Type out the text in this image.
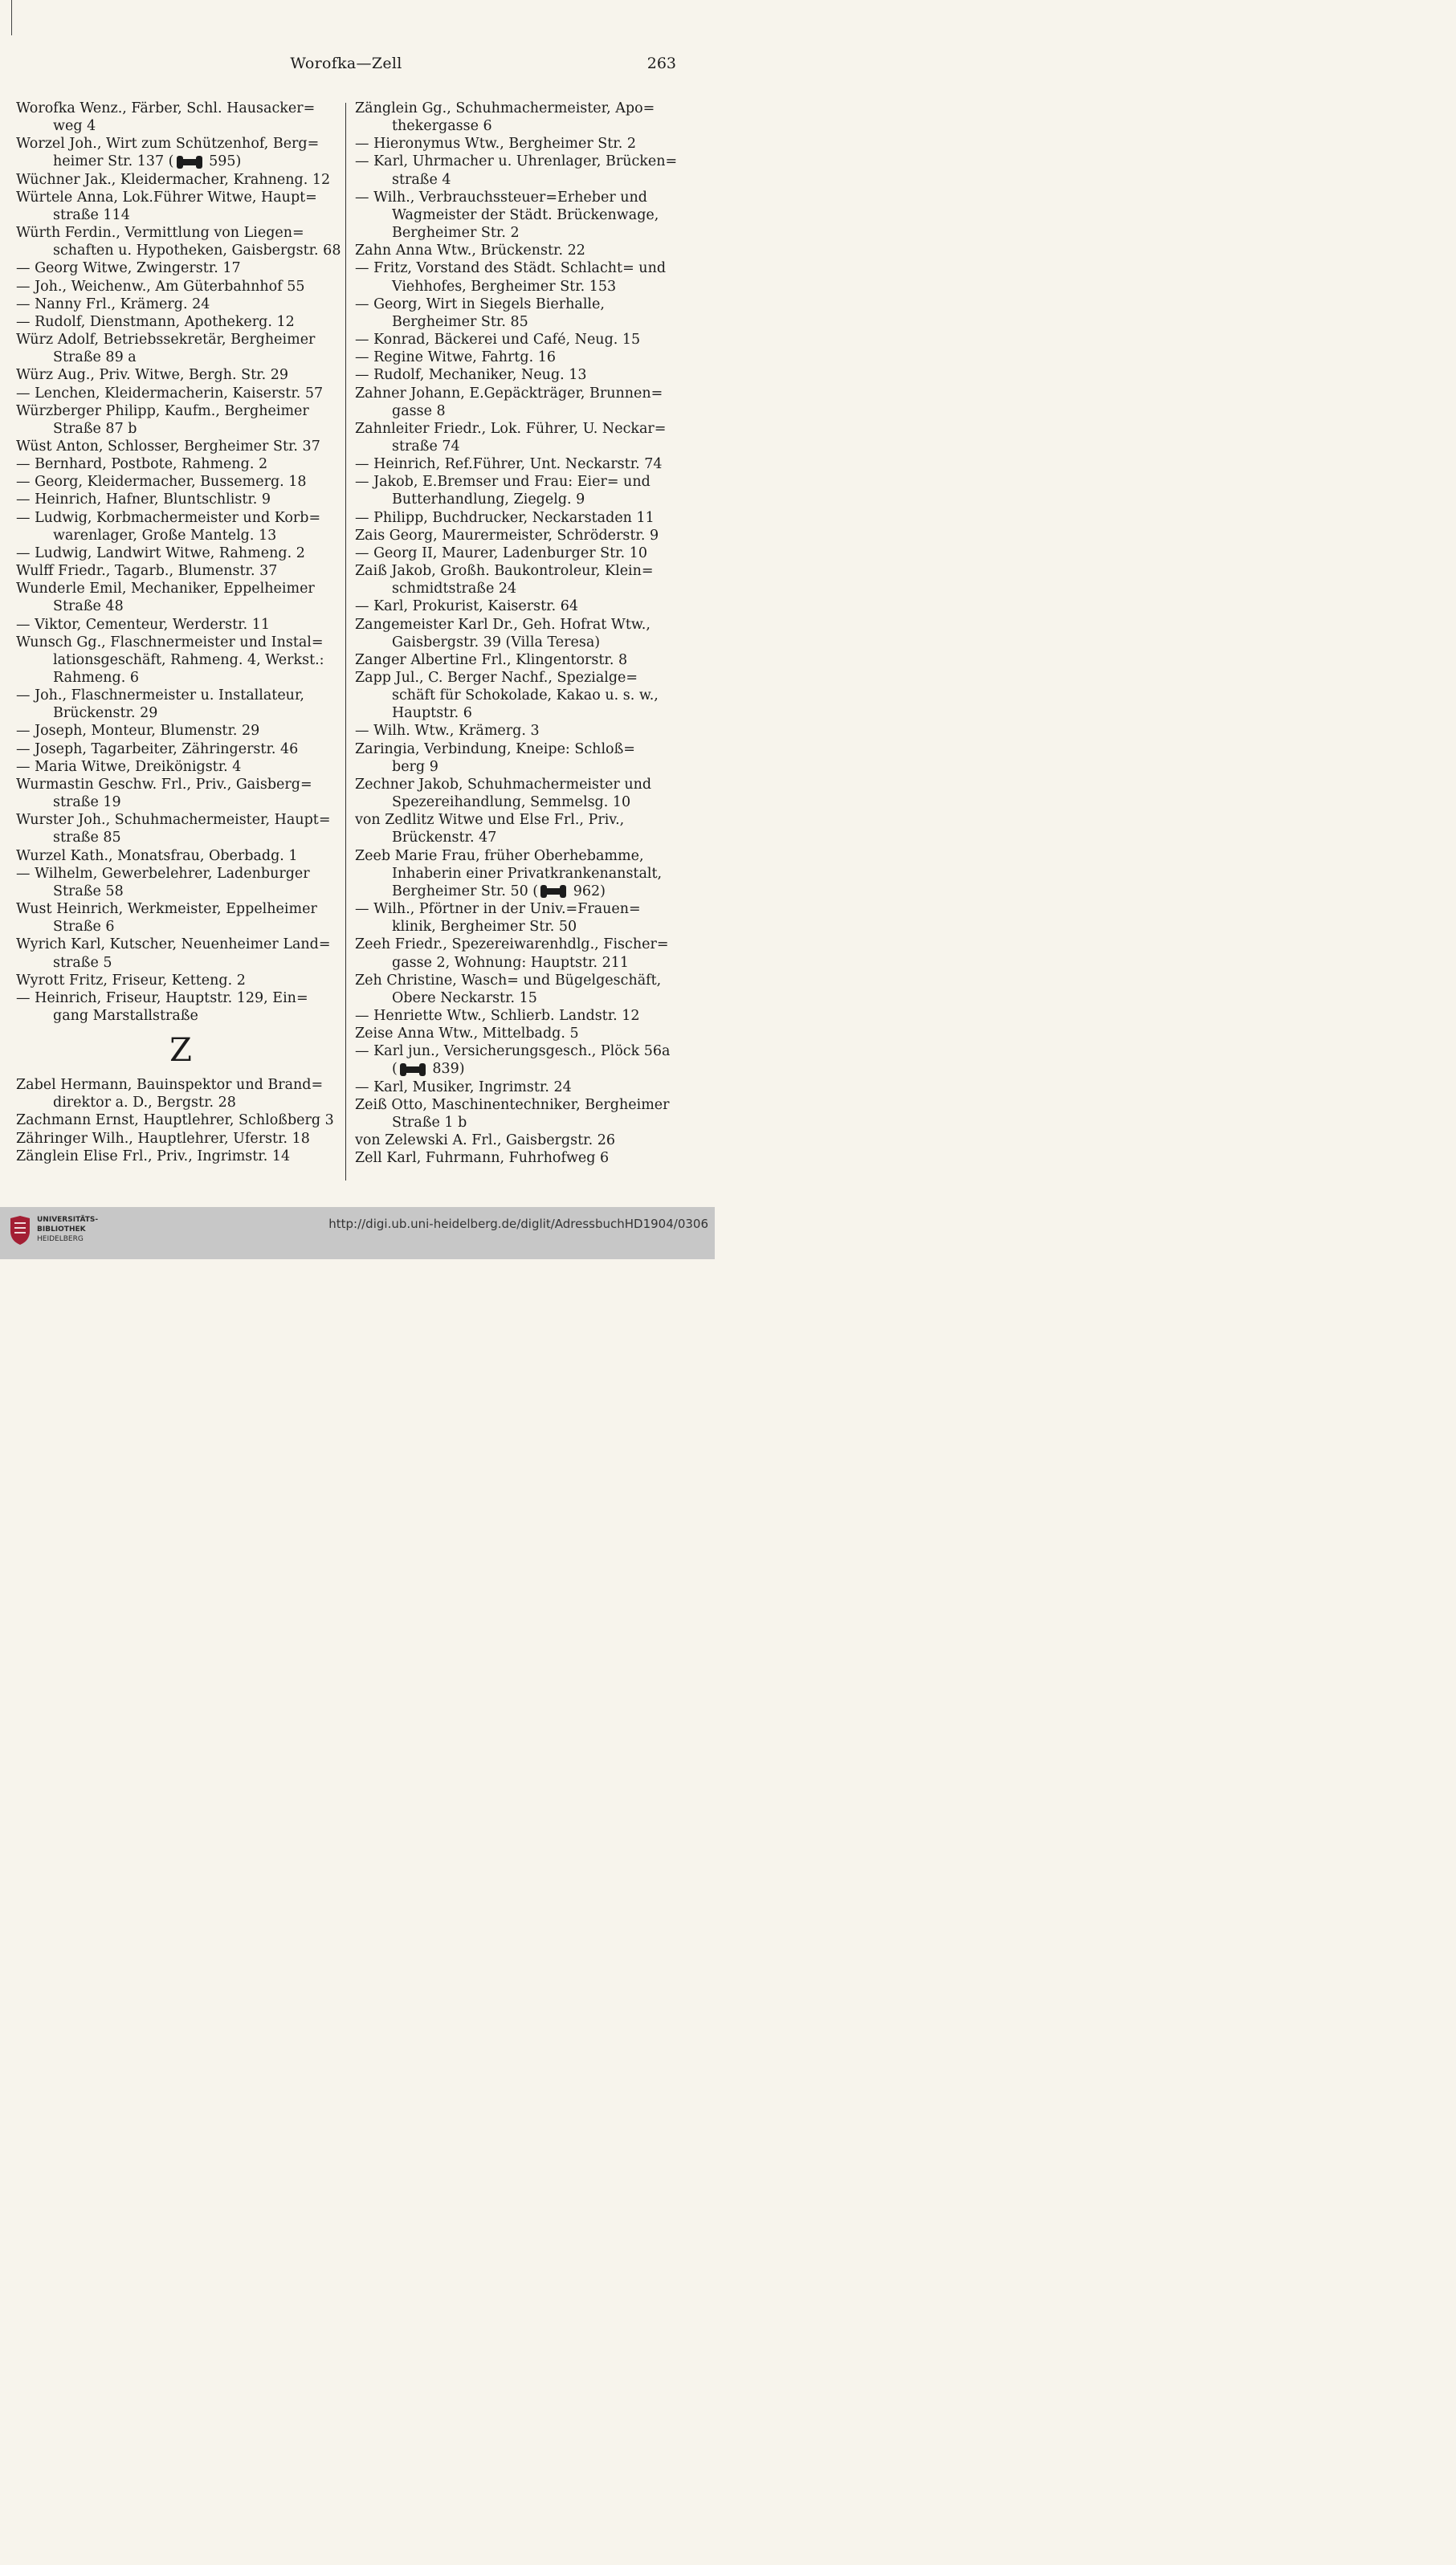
Worofka—Zell	263
Worofka Wenz., Färber, Schl. Hausacker=
weg 4
Worzel Joh., Wirt zum Schützenhof, Berg=
heimer Str. 137 ( 595)
Wüchner Jak., Kleidermacher, Krahneng. 12
Würtele Anna, Lok.Führer Witwe, Haupt=
straße 114
Würth Ferdin., Vermittlung von Liegen=
schaften u. Hypotheken, Gaisbergstr. 68
— Georg Witwe, Zwingerstr. 17
— Joh., Weichenw., Am Güterbahnhof 55
— Nanny Frl., Krämerg. 24
— Rudolf, Dienstmann, Apothekerg. 12
Würz Adolf, Betriebssekretär, Bergheimer
Straße 89 a
Würz Aug., Priv. Witwe, Bergh. Str. 29
— Lenchen, Kleidermacherin, Kaiserstr. 57
Würzberger Philipp, Kaufm., Bergheimer
Straße 87 b
Wüst Anton, Schlosser, Bergheimer Str. 37
— Bernhard, Postbote, Rahmeng. 2
— Georg, Kleidermacher, Bussemerg. 18
— Heinrich, Hafner, Bluntschlistr. 9
— Ludwig, Korbmachermeister und Korb=
warenlager, Große Mantelg. 13
— Ludwig, Landwirt Witwe, Rahmeng. 2
Wulff Friedr., Tagarb., Blumenstr. 37
Wunderle Emil, Mechaniker, Eppelheimer
Straße 48
— Viktor, Cementeur, Werderstr. 11
Wunsch Gg., Flaschnermeister und Instal=
lationsgeschäft, Rahmeng. 4, Werkst.:
Rahmeng. 6
— Joh., Flaschnermeister u. Installateur,
Brückenstr. 29
— Joseph, Monteur, Blumenstr. 29
— Joseph, Tagarbeiter, Zähringerstr. 46
— Maria Witwe, Dreikönigstr. 4
Wurmastin Geschw. Frl., Priv., Gaisberg=
straße 19
Wurster Joh., Schuhmachermeister, Haupt=
straße 85
Wurzel Kath., Monatsfrau, Oberbadg. 1
— Wilhelm, Gewerbelehrer, Ladenburger
Straße 58
Wust Heinrich, Werkmeister, Eppelheimer
Straße 6
Wyrich Karl, Kutscher, Neuenheimer Land=
straße 5
Wyrott Fritz, Friseur, Ketteng. 2
— Heinrich, Friseur, Hauptstr. 129, Ein=
gang Marstallstraße
Z
Zabel Hermann, Bauinspektor und Brand=
direktor a. D., Bergstr. 28
Zachmann Ernst, Hauptlehrer, Schloßberg 3
Zähringer Wilh., Hauptlehrer, Uferstr. 18
Zänglein Elise Frl., Priv., Ingrimstr. 14
Zänglein Gg., Schuhmachermeister, Apo=
thekergasse 6
— Hieronymus Wtw., Bergheimer Str. 2
— Karl, Uhrmacher u. Uhrenlager, Brücken=
straße 4
— Wilh., Verbrauchssteuer=Erheber und
Wagmeister der Städt. Brückenwage,
Bergheimer Str. 2
Zahn Anna Wtw., Brückenstr. 22
— Fritz, Vorstand des Städt. Schlacht= und
Viehhofes, Bergheimer Str. 153
— Georg, Wirt in Siegels Bierhalle,
Bergheimer Str. 85
— Konrad, Bäckerei und Café, Neug. 15
— Regine Witwe, Fahrtg. 16
— Rudolf, Mechaniker, Neug. 13
Zahner Johann, E.Gepäckträger, Brunnen=
gasse 8
Zahnleiter Friedr., Lok. Führer, U. Neckar=
straße 74
— Heinrich, Ref.Führer, Unt. Neckarstr. 74
— Jakob, E.Bremser und Frau: Eier= und
Butterhandlung, Ziegelg. 9
— Philipp, Buchdrucker, Neckarstaden 11
Zais Georg, Maurermeister, Schröderstr. 9
— Georg II, Maurer, Ladenburger Str. 10
Zaiß Jakob, Großh. Baukontroleur, Klein=
schmidtstraße 24
— Karl, Prokurist, Kaiserstr. 64
Zangemeister Karl Dr., Geh. Hofrat Wtw.,
Gaisbergstr. 39 (Villa Teresa)
Zanger Albertine Frl., Klingentorstr. 8
Zapp Jul., C. Berger Nachf., Spezialge=
schäft für Schokolade, Kakao u. s. w.,
Hauptstr. 6
— Wilh. Wtw., Krämerg. 3
Zaringia, Verbindung, Kneipe: Schloß=
berg 9
Zechner Jakob, Schuhmachermeister und
Spezereihandlung, Semmelsg. 10
von Zedlitz Witwe und Else Frl., Priv.,
Brückenstr. 47
Zeeb Marie Frau, früher Oberhebamme,
Inhaberin einer Privatkrankenanstalt,
Bergheimer Str. 50 ( 962)
— Wilh., Pförtner in der Univ.=Frauen=
klinik, Bergheimer Str. 50
Zeeh Friedr., Spezereiwarenhdlg., Fischer=
gasse 2, Wohnung: Hauptstr. 211
Zeh Christine, Wasch= und Bügelgeschäft,
Obere Neckarstr. 15
— Henriette Wtw., Schlierb. Landstr. 12
Zeise Anna Wtw., Mittelbadg. 5
— Karl jun., Versicherungsgesch., Plöck 56a
( 839)
— Karl, Musiker, Ingrimstr. 24
Zeiß Otto, Maschinentechniker, Bergheimer
Straße 1 b
von Zelewski A. Frl., Gaisbergstr. 26
Zell Karl, Fuhrmann, Fuhrhofweg 6
UNIVERSITÄTS-
BIBLIOTHEK
HEIDELBERG
http://digi.ub.uni-heidelberg.de/diglit/AdressbuchHD1904/0306
